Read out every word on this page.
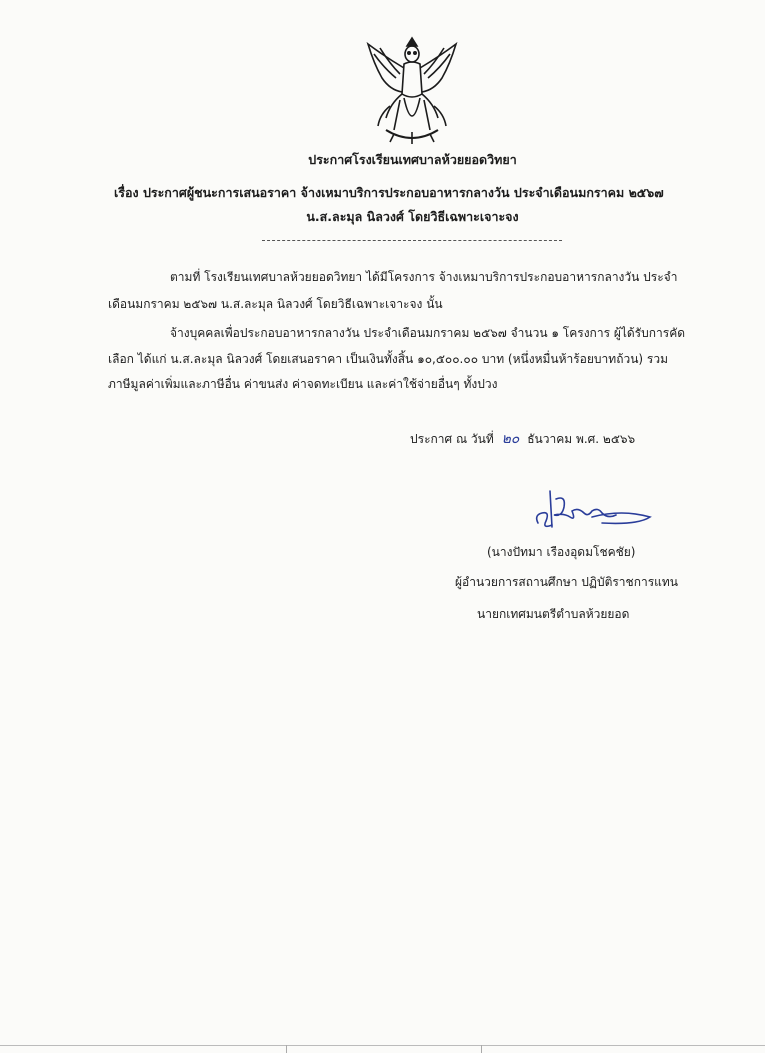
ประกาศโรงเรียนเทศบาลห้วยยอดวิทยา
เรื่อง ประกาศผู้ชนะการเสนอราคา จ้างเหมาบริการประกอบอาหารกลางวัน ประจำเดือนมกราคม ๒๕๖๗
น.ส.ละมุล นิลวงศ์ โดยวิธีเฉพาะเจาะจง
ตามที่ โรงเรียนเทศบาลห้วยยอดวิทยา ได้มีโครงการ จ้างเหมาบริการประกอบอาหารกลางวัน ประจำ
เดือนมกราคม ๒๕๖๗ น.ส.ละมุล นิลวงศ์ โดยวิธีเฉพาะเจาะจง นั้น
จ้างบุคคลเพื่อประกอบอาหารกลางวัน ประจำเดือนมกราคม ๒๕๖๗ จำนวน ๑ โครงการ ผู้ได้รับการคัด
เลือก ได้แก่ น.ส.ละมุล นิลวงศ์ โดยเสนอราคา เป็นเงินทั้งสิ้น ๑๐,๕๐๐.๐๐ บาท (หนึ่งหมื่นห้าร้อยบาทถ้วน) รวม
ภาษีมูลค่าเพิ่มและภาษีอื่น ค่าขนส่ง ค่าจดทะเบียน และค่าใช้จ่ายอื่นๆ ทั้งปวง
ประกาศ ณ วันที่ ๒๐ ธันวาคม พ.ศ. ๒๕๖๖
(นางปัทมา เรืองอุดมโชคชัย)
ผู้อำนวยการสถานศึกษา ปฏิบัติราชการแทน
นายกเทศมนตรีตำบลห้วยยอด
